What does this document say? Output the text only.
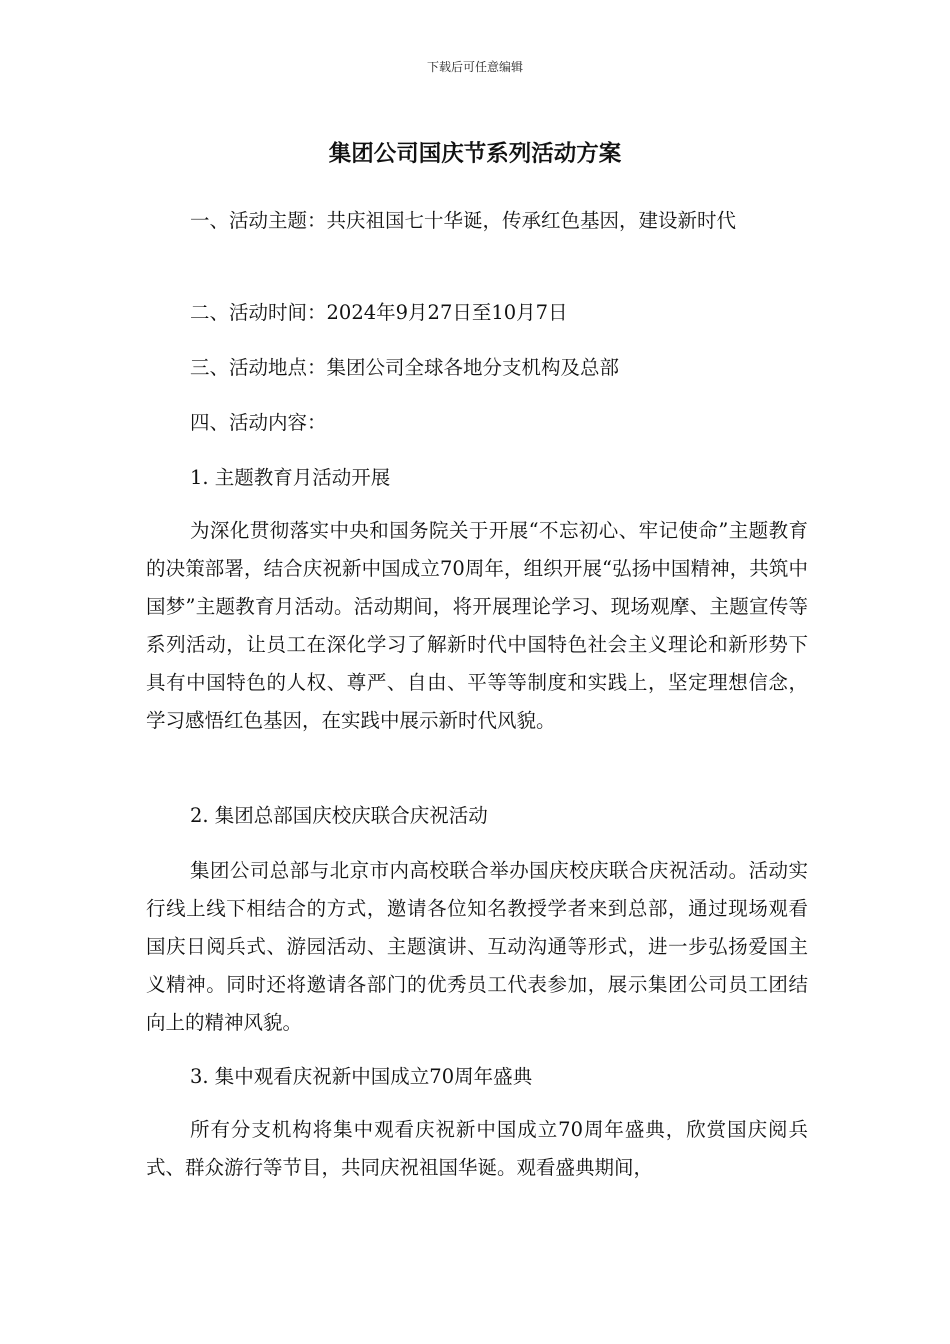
下载后可任意编辑
集团公司国庆节系列活动方案

一、活动主题：共庆祖国七十华诞，传承红色基因，建设新时代

二、活动时间：2024年9月27日至10月7日

三、活动地点：集团公司全球各地分支机构及总部

四、活动内容：

1. 主题教育月活动开展

为深化贯彻落实中央和国务院关于开展“不忘初心、牢记使命”主题教育的决策部署，结合庆祝新中国成立70周年，组织开展“弘扬中国精神，共筑中国梦”主题教育月活动。活动期间，将开展理论学习、现场观摩、主题宣传等系列活动，让员工在深化学习了解新时代中国特色社会主义理论和新形势下具有中国特色的人权、尊严、自由、平等等制度和实践上，坚定理想信念，学习感悟红色基因，在实践中展示新时代风貌。

2. 集团总部国庆校庆联合庆祝活动

集团公司总部与北京市内高校联合举办国庆校庆联合庆祝活动。活动实行线上线下相结合的方式，邀请各位知名教授学者来到总部，通过现场观看国庆日阅兵式、游园活动、主题演讲、互动沟通等形式，进一步弘扬爱国主义精神。同时还将邀请各部门的优秀员工代表参加，展示集团公司员工团结向上的精神风貌。

3. 集中观看庆祝新中国成立70周年盛典

所有分支机构将集中观看庆祝新中国成立70周年盛典，欣赏国庆阅兵式、群众游行等节目，共同庆祝祖国华诞。观看盛典期间，
